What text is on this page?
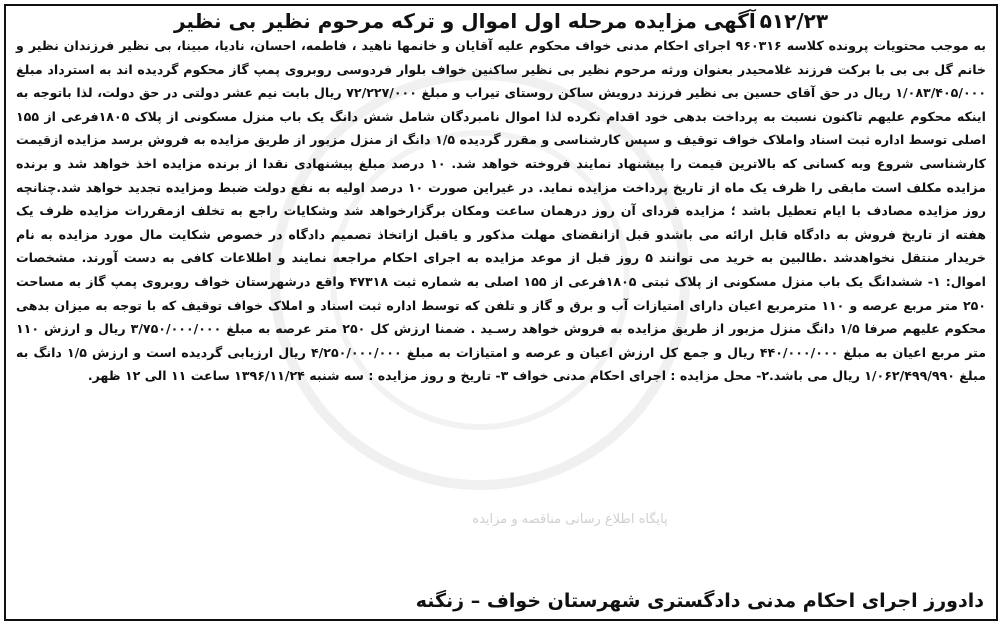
پایگاه اطلاع رسانی مناقصه و مزایده
۵۱۲/۲۳آگهی مزایده مرحله اول اموال و ترکه مرحوم نظیر بی نظیر

به موجب محتویات پرونده کلاسه ۹۶۰۳۱۶ اجرای احکام مدنی خواف محکوم علیه آقایان و خانمها ناهید ، فاطمه، احسان، نادیا، مبینا، بی نظیر فرزندان نظیر و خانم گل بی بی با برکت فرزند غلامحیدر بعنوان ورثه مرحوم نظیر بی نظیر ساکنین خواف بلوار فردوسی روبروی پمپ گاز محکوم گردیده اند به استرداد مبلغ ۱/۰۸۳/۴۰۵/۰۰۰ ریال در حق آقای حسین بی نظیر فرزند درویش ساکن روستای تیراب و مبلغ ۷۲/۲۲۷/۰۰۰ ریال بابت نیم عشر دولتی در حق دولت، لذا باتوجه به اینکه محکوم علیهم تاکنون نسبت به پرداخت بدهی خود اقدام نکرده لذا اموال نامبردگان شامل شش دانگ یک باب منزل مسکونی از پلاک ۱۸۰۵فرعی از ۱۵۵ اصلی توسط اداره ثبت اسناد واملاک خواف توقیف و سپس کارشناسی و مقرر گردیده ۱/۵ دانگ از منزل مزبور از طریق مزایده به فروش برسد مزایده ازقیمت کارشناسی شروع وبه کسانی که بالاترین قیمت را پیشنهاد نمایند فروخته خواهد شد. ۱۰ درصد مبلغ پیشنهادی نقدا از برنده مزایده اخذ خواهد شد و برنده مزایده مکلف است مابقی را ظرف یک ماه از تاریخ پرداخت مزایده نماید. در غیراین صورت ۱۰ درصد اولیه به نفع دولت ضبط ومزایده تجدید خواهد شد.چنانچه روز مزایده مصادف با ایام تعطیل باشد ؛ مزایده فردای آن روز درهمان ساعت ومکان برگزارخواهد شد وشکایات راجع به تخلف ازمقررات مزایده ظرف یک هفته از تاریخ فروش به دادگاه قابل ارائه می باشدو قبل ازانقضای مهلت مذکور و یاقبل ازاتخاذ تصمیم دادگاه در خصوص شکایت مال مورد مزایده به نام خریدار منتقل نخواهدشد .طالبین به خرید می توانند ۵ روز قبل از موعد مزایده به اجرای احکام مراجعه نمایند و اطلاعات کافی به دست آورند. مشخصات اموال: ۱- ششدانگ یک باب منزل مسکونی از پلاک ثبتی ۱۸۰۵فرعی از ۱۵۵ اصلی به شماره ثبت ۴۷۳۱۸ واقع درشهرستان خواف روبروی پمپ گاز به مساحت ۲۵۰ متر مربع عرصه و ۱۱۰ مترمربع اعیان دارای امتیازات آب و برق و گاز و تلفن که توسط اداره ثبت اسناد و املاک خواف توقیف که با توجه به میزان بدهی محکوم علیهم صرفا ۱/۵ دانگ منزل مزبور از طریق مزایده به فروش خواهد رسـید . ضمنا ارزش کل ۲۵۰ متر عرصه به مبلغ ۳/۷۵۰/۰۰۰/۰۰۰ ریال و ارزش ۱۱۰ متر مربع اعیان به مبلغ ۴۴۰/۰۰۰/۰۰۰ ریال و جمع کل ارزش اعیان و عرصه و امتیازات به مبلغ ۴/۲۵۰/۰۰۰/۰۰۰ ریال ارزیابی گردیده است و ارزش ۱/۵ دانگ به مبلغ ۱/۰۶۲/۴۹۹/۹۹۰ ریال می باشد.۲- محل مزایده : اجرای احکام مدنی خواف ۳- تاریخ و روز مزایده : سه شنبه ۱۳۹۶/۱۱/۲۴ ساعت ۱۱ الی ۱۲ ظهر.

دادورز اجرای احکام مدنی دادگستری شهرستان خواف – زنگنه
